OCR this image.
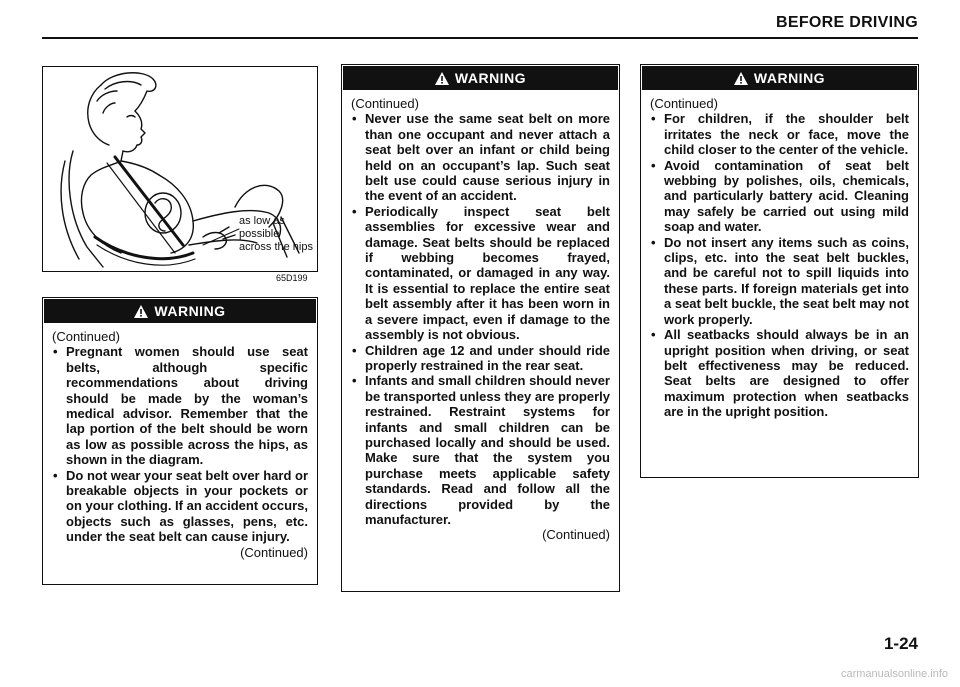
BEFORE DRIVING
as low as possible
across the hips
65D199
WARNING

(Continued)

• Pregnant women should use seat belts, although specific recommendations about driving should be made by the woman’s medical advisor. Remember that the lap portion of the belt should be worn as low as possible across the hips, as shown in the diagram.
• Do not wear your seat belt over hard or breakable objects in your pockets or on your clothing. If an accident occurs, objects such as glasses, pens, etc. under the seat belt can cause injury.

(Continued)

WARNING

(Continued)

• Never use the same seat belt on more than one occupant and never attach a seat belt over an infant or child being held on an occupant’s lap. Such seat belt use could cause serious injury in the event of an accident.
• Periodically inspect seat belt assemblies for excessive wear and damage. Seat belts should be replaced if webbing becomes frayed, contaminated, or damaged in any way. It is essential to replace the entire seat belt assembly after it has been worn in a severe impact, even if damage to the assembly is not obvious.
• Children age 12 and under should ride properly restrained in the rear seat.
• Infants and small children should never be transported unless they are properly restrained. Restraint systems for infants and small children can be purchased locally and should be used. Make sure that the system you purchase meets applicable safety standards. Read and follow all the directions provided by the manufacturer.

(Continued)

WARNING

(Continued)

• For children, if the shoulder belt irritates the neck or face, move the child closer to the center of the vehicle.
• Avoid contamination of seat belt webbing by polishes, oils, chemicals, and particularly battery acid. Cleaning may safely be carried out using mild soap and water.
• Do not insert any items such as coins, clips, etc. into the seat belt buckles, and be careful not to spill liquids into these parts. If foreign materials get into a seat belt buckle, the seat belt may not work properly.
• All seatbacks should always be in an upright position when driving, or seat belt effectiveness may be reduced. Seat belts are designed to offer maximum protection when seatbacks are in the upright position.
1-24
carmanualsonline.info
